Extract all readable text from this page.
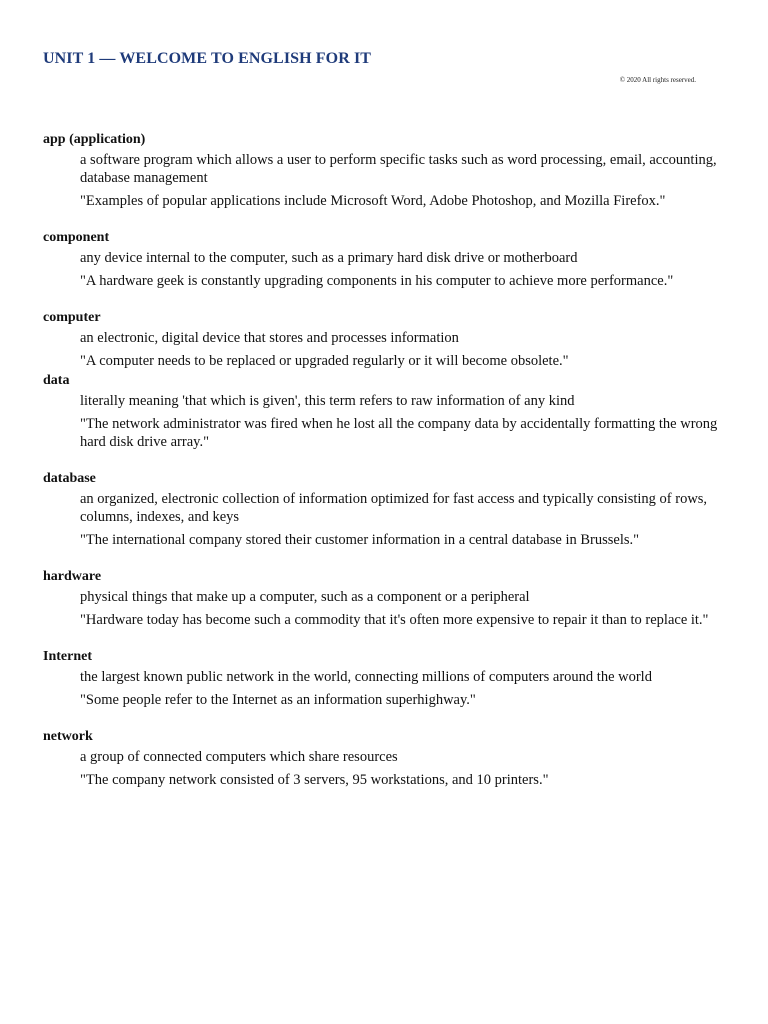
UNIT 1 — WELCOME TO ENGLISH FOR IT
© 2020 All rights reserved.
app (application)
a software program which allows a user to perform specific tasks such as word processing, email, accounting, database management
"Examples of popular applications include Microsoft Word, Adobe Photoshop, and Mozilla Firefox."
component
any device internal to the computer, such as a primary hard disk drive or motherboard
"A hardware geek is constantly upgrading components in his computer to achieve more performance."
computer
an electronic, digital device that stores and processes information
"A computer needs to be replaced or upgraded regularly or it will become obsolete."
data
literally meaning 'that which is given', this term refers to raw information of any kind
"The network administrator was fired when he lost all the company data by accidentally formatting the wrong hard disk drive array."
database
an organized, electronic collection of information optimized for fast access and typically consisting of rows, columns, indexes, and keys
"The international company stored their customer information in a central database in Brussels."
hardware
physical things that make up a computer, such as a component or a peripheral
"Hardware today has become such a commodity that it's often more expensive to repair it than to replace it."
Internet
the largest known public network in the world, connecting millions of computers around the world
"Some people refer to the Internet as an information superhighway."
network
a group of connected computers which share resources
"The company network consisted of 3 servers, 95 workstations, and 10 printers."
